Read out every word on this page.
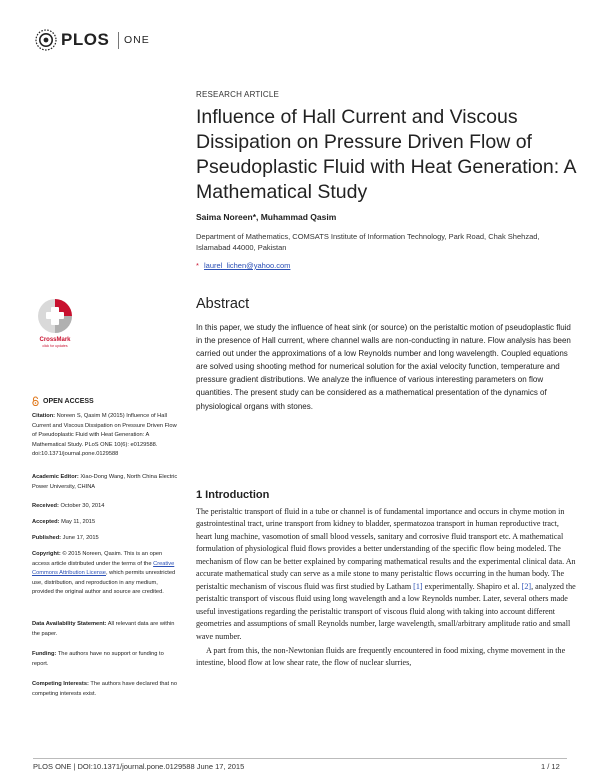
PLOS ONE
RESEARCH ARTICLE
Influence of Hall Current and Viscous Dissipation on Pressure Driven Flow of Pseudoplastic Fluid with Heat Generation: A Mathematical Study
Saima Noreen*, Muhammad Qasim
Department of Mathematics, COMSATS Institute of Information Technology, Park Road, Chak Shehzad, Islamabad 44000, Pakistan
* laurel_lichen@yahoo.com
Abstract
In this paper, we study the influence of heat sink (or source) on the peristaltic motion of pseudoplastic fluid in the presence of Hall current, where channel walls are non-conducting in nature. Flow analysis has been carried out under the approximations of a low Reynolds number and long wavelength. Coupled equations are solved using shooting method for numerical solution for the axial velocity function, temperature and pressure gradient distributions. We analyze the influence of various interesting parameters on flow quantities. The present study can be considered as a mathematical presentation of the dynamics of physiological organs with stones.
CrossMark
click for updates
OPEN ACCESS
Citation: Noreen S, Qasim M (2015) Influence of Hall Current and Viscous Dissipation on Pressure Driven Flow of Pseudoplastic Fluid with Heat Generation: A Mathematical Study. PLoS ONE 10(6): e0129588. doi:10.1371/journal.pone.0129588
Academic Editor: Xiao-Dong Wang, North China Electric Power University, CHINA
Received: October 30, 2014
Accepted: May 11, 2015
Published: June 17, 2015
Copyright: © 2015 Noreen, Qasim. This is an open access article distributed under the terms of the Creative Commons Attribution License, which permits unrestricted use, distribution, and reproduction in any medium, provided the original author and source are credited.
Data Availability Statement: All relevant data are within the paper.
Funding: The authors have no support or funding to report.
Competing Interests: The authors have declared that no competing interests exist.
1 Introduction

The peristaltic transport of fluid in a tube or channel is of fundamental importance and occurs in chyme motion in gastrointestinal tract, urine transport from kidney to bladder, spermatozoa transport in human reproductive tract, heart lung machine, vasomotion of small blood vessels, sanitary and corrosive fluid transport etc. A mathematical formulation of physiological fluid flows provides a better understanding of the specific flow being modeled. The mechanism of flow can be better explained by comparing mathematical results and the experimental clinical data. An accurate mathematical study can serve as a mile stone to many peristaltic flows occurring in the human body. The peristaltic mechanism of viscous fluid was first studied by Latham [1] experimentally. Shapiro et al. [2], analyzed the peristaltic transport of viscous fluid using long wavelength and a low Reynolds number. Later, several others made useful investigations regarding the peristaltic transport of viscous fluid along with taking into account different geometries and assumptions of small Reynolds number, large wavelength, small/arbitrary amplitude ratio and small wave number.

A part from this, the non-Newtonian fluids are frequently encountered in food mixing, chyme movement in the intestine, blood flow at low shear rate, the flow of nuclear slurries,

PLOS ONE | DOI:10.1371/journal.pone.0129588 June 17, 2015	1 / 12
